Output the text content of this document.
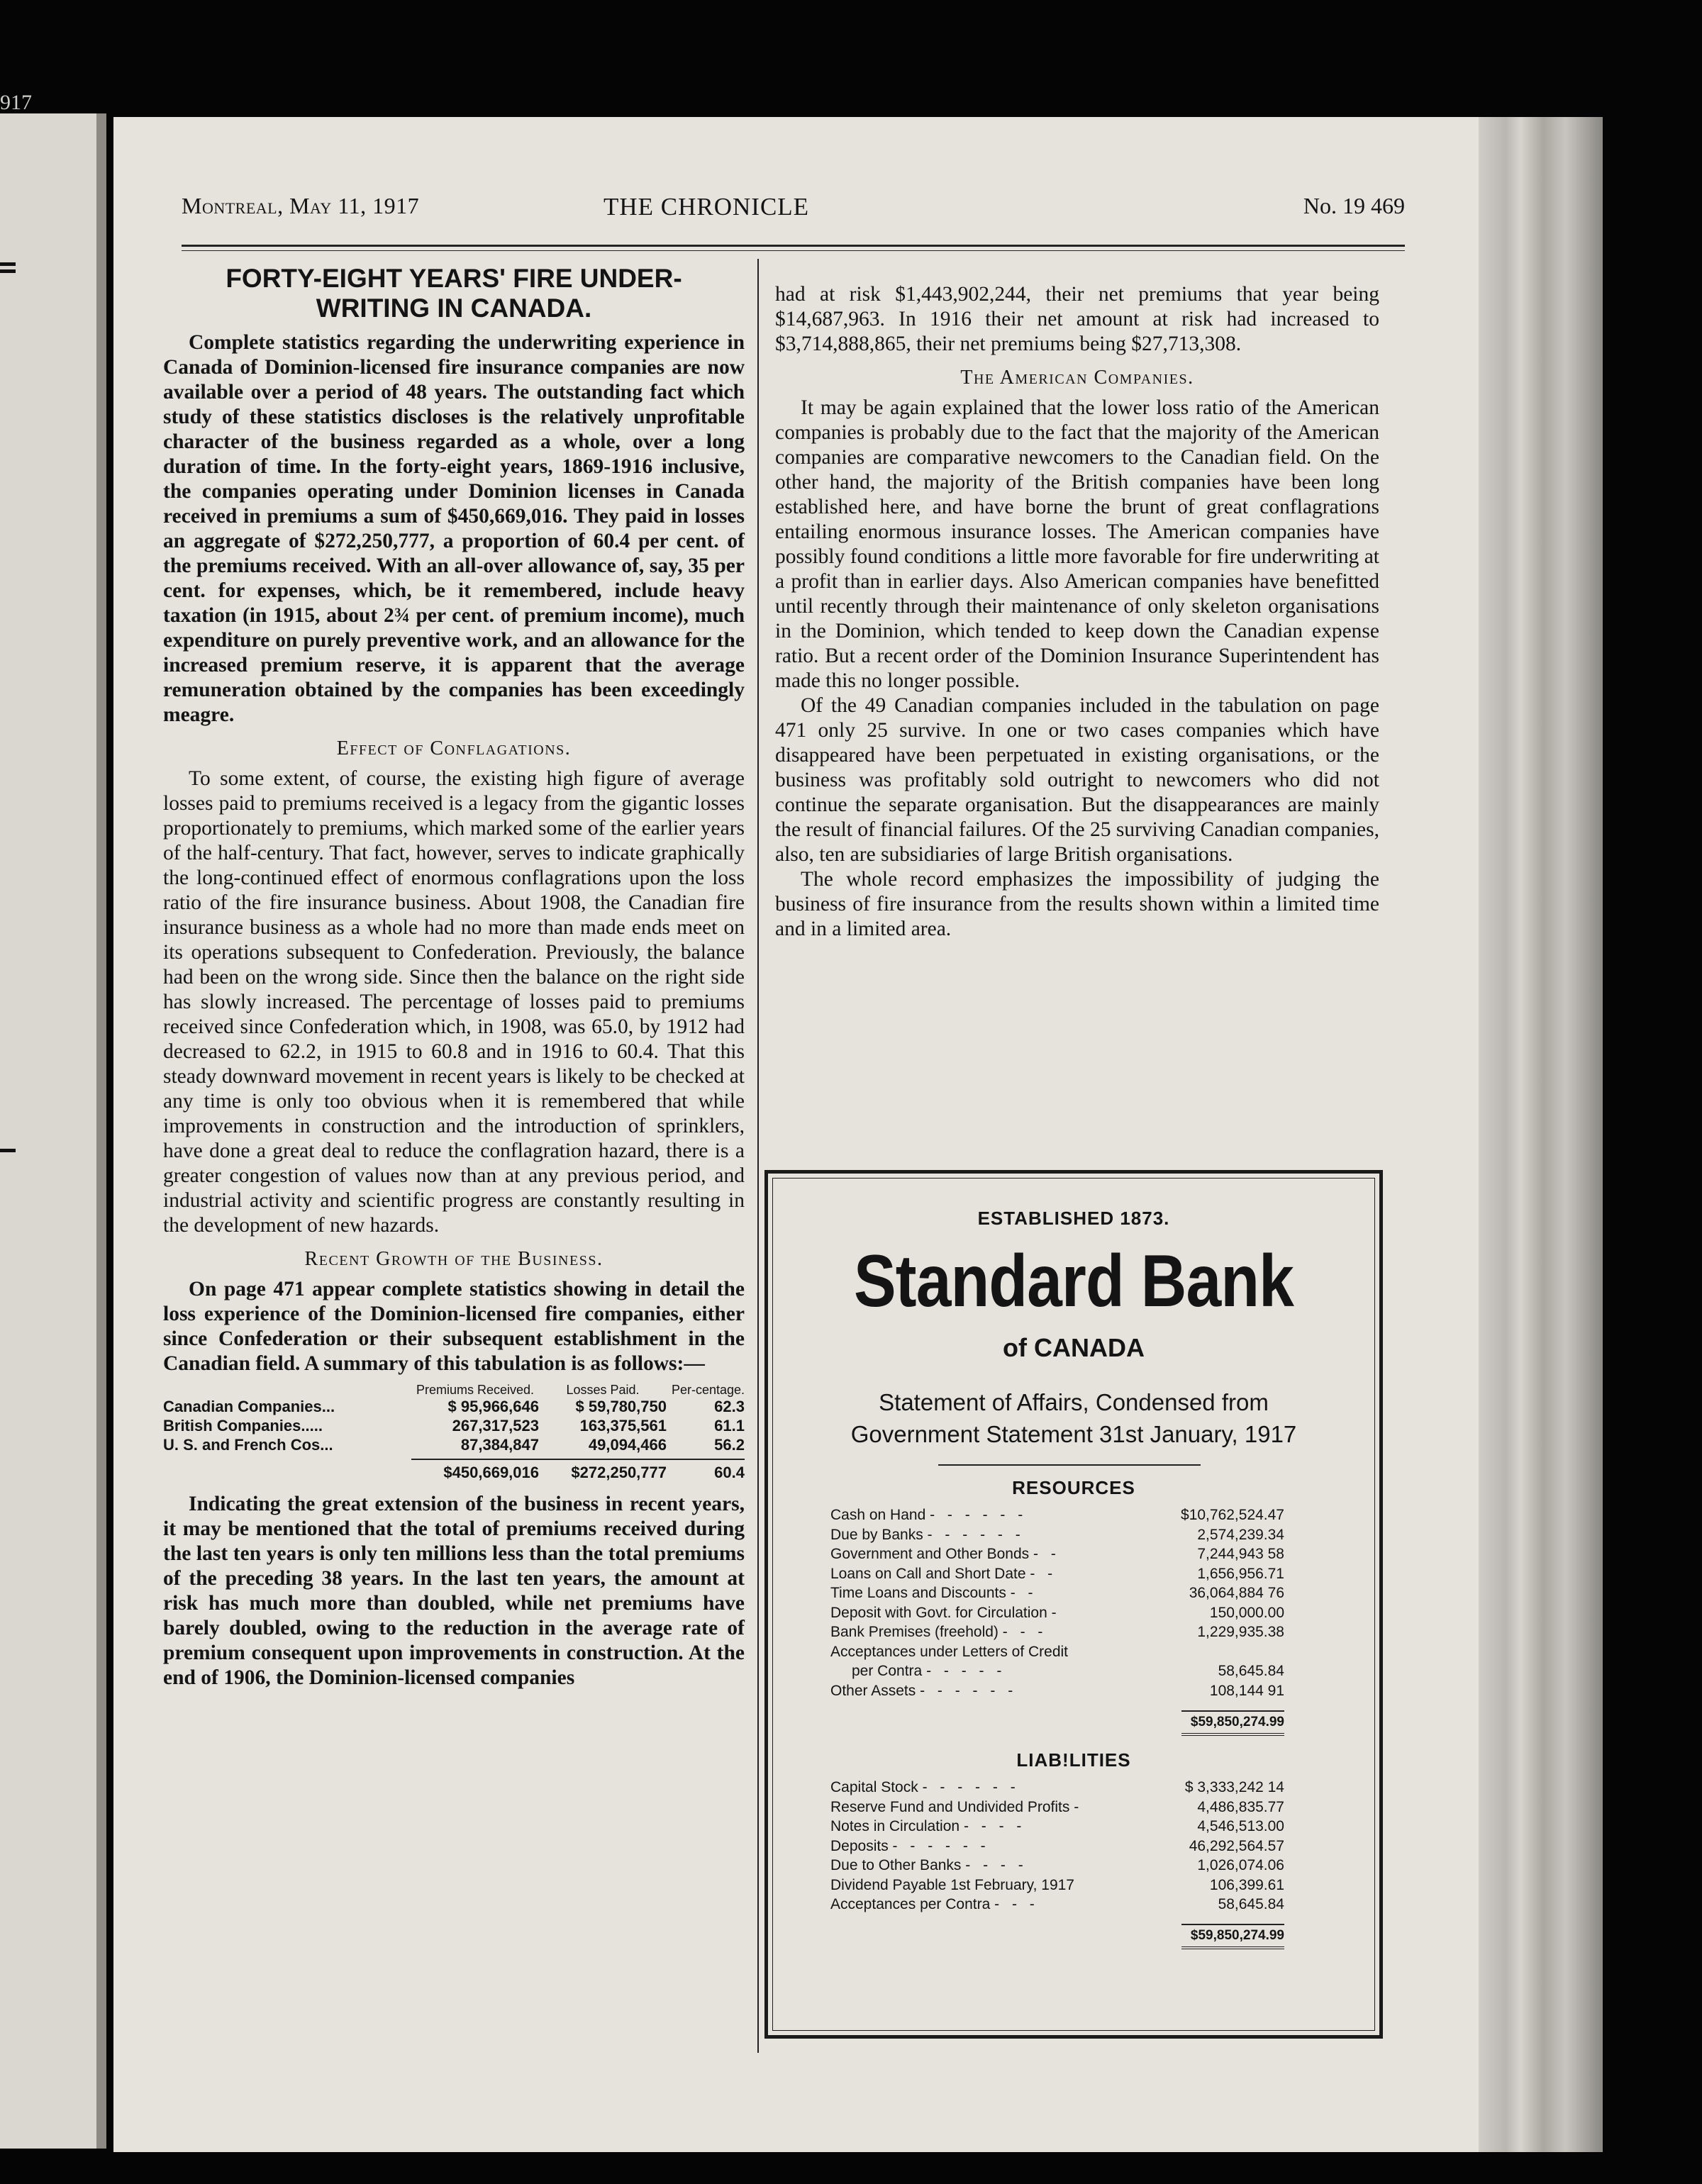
917
Montreal, May 11, 1917	THE CHRONICLE	No. 19 469
FORTY-EIGHT YEARS' FIRE UNDER-
WRITING IN CANADA.

Complete statistics regarding the underwriting experience in Canada of Dominion-licensed fire insurance companies are now available over a period of 48 years. The outstanding fact which study of these statistics discloses is the relatively unprofitable character of the business regarded as a whole, over a long duration of time. In the forty-eight years, 1869-1916 inclusive, the companies operating under Dominion licenses in Canada received in premiums a sum of $450,669,016. They paid in losses an aggregate of $272,250,777, a proportion of 60.4 per cent. of the premiums received. With an all-over allowance of, say, 35 per cent. for expenses, which, be it remembered, include heavy taxation (in 1915, about 2¾ per cent. of premium income), much expenditure on purely preventive work, and an allowance for the increased premium reserve, it is apparent that the average remuneration obtained by the companies has been exceedingly meagre.

Effect of Conflagations.

To some extent, of course, the existing high figure of average losses paid to premiums received is a legacy from the gigantic losses proportionately to premiums, which marked some of the earlier years of the half-century. That fact, however, serves to indicate graphically the long-continued effect of enormous conflagrations upon the loss ratio of the fire insurance business. About 1908, the Canadian fire insurance business as a whole had no more than made ends meet on its operations subsequent to Confederation. Previously, the balance had been on the wrong side. Since then the balance on the right side has slowly increased. The percentage of losses paid to premiums received since Confederation which, in 1908, was 65.0, by 1912 had decreased to 62.2, in 1915 to 60.8 and in 1916 to 60.4. That this steady downward movement in recent years is likely to be checked at any time is only too obvious when it is remembered that while improvements in construction and the introduction of sprinklers, have done a great deal to reduce the conflagration hazard, there is a greater congestion of values now than at any previous period, and industrial activity and scientific progress are constantly resulting in the development of new hazards.

Recent Growth of the Business.

On page 471 appear complete statistics showing in detail the loss experience of the Dominion-licensed fire companies, either since Confederation or their subsequent establishment in the Canadian field. A summary of this tabulation is as follows:—

Premiums Received.	Losses Paid.	Per-centage.
Canadian Companies...	$ 95,966,646	$ 59,780,750	62.3
British Companies.....	267,317,523	163,375,561	61.1
U. S. and French Cos...	87,384,847	49,094,466	56.2
$450,669,016	$272,250,777	60.4

Indicating the great extension of the business in recent years, it may be mentioned that the total of premiums received during the last ten years is only ten millions less than the total premiums of the preceding 38 years. In the last ten years, the amount at risk has much more than doubled, while net premiums have barely doubled, owing to the reduction in the average rate of premium consequent upon improvements in construction. At the end of 1906, the Dominion-licensed companies

had at risk $1,443,902,244, their net premiums that year being $14,687,963. In 1916 their net amount at risk had increased to $3,714,888,865, their net premiums being $27,713,308.

The American Companies.

It may be again explained that the lower loss ratio of the American companies is probably due to the fact that the majority of the American companies are comparative newcomers to the Canadian field. On the other hand, the majority of the British companies have been long established here, and have borne the brunt of great conflagrations entailing enormous insurance losses. The American companies have possibly found conditions a little more favorable for fire underwriting at a profit than in earlier days. Also American companies have benefitted until recently through their maintenance of only skeleton organisations in the Dominion, which tended to keep down the Canadian expense ratio. But a recent order of the Dominion Insurance Superintendent has made this no longer possible.

Of the 49 Canadian companies included in the tabulation on page 471 only 25 survive. In one or two cases companies which have disappeared have been perpetuated in existing organisations, or the business was profitably sold outright to newcomers who did not continue the separate organisation. But the disappearances are mainly the result of financial failures. Of the 25 surviving Canadian companies, also, ten are subsidiaries of large British organisations.

The whole record emphasizes the impossibility of judging the business of fire insurance from the results shown within a limited time and in a limited area.

ESTABLISHED 1873.
Standard Bank
of CANADA
Statement of Affairs, Condensed from
Government Statement 31st January, 1917
RESOURCES
Cash on Hand - - - - - -	$10,762,524.47
Due by Banks - - - - - -	2,574,239.34
Government and Other Bonds - -	7,244,943 58
Loans on Call and Short Date - -	1,656,956.71
Time Loans and Discounts - -	36,064,884 76
Deposit with Govt. for Circulation -	150,000.00
Bank Premises (freehold) - - -	1,229,935.38
Acceptances under Letters of Credit
per Contra - - - - -	58,645.84
Other Assets - - - - - -	108,144 91
$59,850,274.99
LIAB!LITIES
Capital Stock - - - - - -	$ 3,333,242 14
Reserve Fund and Undivided Profits -	4,486,835.77
Notes in Circulation - - - -	4,546,513.00
Deposits - - - - - -	46,292,564.57
Due to Other Banks - - - -	1,026,074.06
Dividend Payable 1st February, 1917	106,399.61
Acceptances per Contra - - -	58,645.84
$59,850,274.99
